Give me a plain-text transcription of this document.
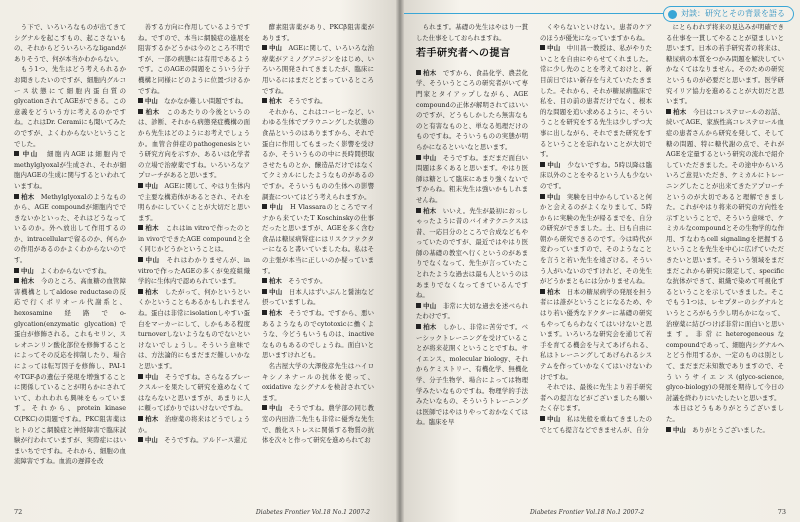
　う下で、いろいろなものが出てきてシグナルを起こすもの、起こさないもの、それからどういろいろなligandがありそうで、何が本当かわからない。

　もう1つ、先生はどう考えられるかお聞きしたいのですが、細胞内グルコース状態にて細胞内蛋白質のglycationされてAGEができる。この意義をどういう方に考えるのかですね。これはDr. Ceramiにも聞いてみたのですが、よくわからないということでした。

中山　 細胞内AGEは細胞内でmethylglyoxalが生成され、それが細胞内AGEの生成に関与するといわれていますね。

柏木　 Methylglyoxalのようなものから、AGE compoundが細胞内でできないかといった、それはどうなっているのか。外へ放出して作用するのか、intracellularで留るのか、何らかの作用があるのかよくわからないのです。

中山　 よくわからないですね。

柏木　 今のところ、高血糖の血管障害機構としてaldose reductaseの反応で行くポリオール代謝系と、hexosamine経路でo-glycation(enzymatic glycation)で蛋白が修飾される。これもセリン、スレオニンリン酸化部位を修飾することによってその反応を抑制したり、場合によっては転写因子を修飾し、PAI-1やTGF-βの遺伝子発現を増強することに関係していることが明らかにされていて、われわれも興味をもっています。それから、protein kinase C(PKC)の問題ですね。PKC阻害薬はヒトのどこ網膜症と神経障害で臨床試験が行われていますが、実際症にはいまいちでですね。それから、細胞の血流障害ですね。血流の遅滞を改

　善する方向に作用しているようですね。ですので、本当に網膜症の進展を阻害するかどうかは今のところ不明ですが、一部の病態には有用であるようです。このAGEの問題をこういう分子機構と同様にどのように位置づけるかですね。

中山　 なかなか難しい問題ですね。

柏木　 このあたりの今後というのは、診断、それから病態発症機構の面から先生はどのようにお考えでしょうか。血管合併症のpathogenesisという研究方向を示すか、あるいは化学者の立場で治療薬ですね。いろいろなアプローチがあると思います。

中山　 AGEに関して、やはり生体内で主要な構造体があるとされ、それを明らかにしていくことが大切だと思います。

柏木　 これはin vitroで作ったのとin vivoでできたAGE compoundと全く同じかどうかということは。

中山　 それはわかりませんが、in vitroで作ったAGEの多くが免疫組織学的に生体内で認められています。

柏木　 したがって、何かというといくかということもあるかもしれませんね。蛋白は非常にisolationしやすい蛋白をマーカーにして、しかもある程度turnoverしないようなものでないといけないでしょうし。そういう意味では、方法論的にもまだまだ難しいかなと思います。

中山　 そうですね。さらなるブレークスルーを果たして研究を進めなくてはならないと思いますが、あまりに人に頼ってばかりではいけないですね。

柏木　 治療薬の将来はどうでしょうか。

中山　 そうですね。アルドース還元

　酵素阻害薬があり、PKCβ阻害薬があります。

中山　 AGEに関して、いろいろな治療薬がアミノグアニジンをはじめ、いろいろ開発されてきましたが、臨床に用いるにはまだとどまっているところですね。

柏木　 そうですね。

　それから、これはコーヒーなど、いわゆる生体でブラウニングした状態の食品というのはありますから、それで蛋白に作用してもまったく影響を受けるか、そういうものの中に長時間摂取させたものとか、醸造品だけではなくてクミカルにしたようなものがあるのですか。そういうものの生体への影響調査についてはどう考えられますか。

中山　 H Vlassaraのところでマイナから来ていたT Koschinskyの仕事だったと思いますが、AGEを多く含む食品は糖尿病腎症にはリスクファクターになると書いていましたね。私はその主張が本当に正しいのか疑っています。

柏木　 そうですか。

中山　 日本人はずいぶんと醤油など摂っていますしね。

柏木　 そうですね。ですから、悪いあるようなものでcytotoxicに働くような、今どうもいうものは、inactiveなものもあるのでしょうね。面白いと思いますけれども。

　名古屋大学の大澤俊彦先生はハイロキシノネナールの抗体を使って、oxidative なシグナルを検討されています。

中山　 そうですね。農学部の同じ教室の内田浩二先生も非常に優秀な先生で、酸化ストレスに関係する物質の抗体を次々と作って研究を進められてお

72	Diabetes Frontier Vol.18 No.1 2007-2
対談：研究とその背景を語る

　られます。基礎の先生はやはり一貫した仕事をしておられますね。

若手研究者への提言

柏木　 ですから、食品化学、農芸化学、そういうところの研究者がいて専門家とタイアップしながら、AGE compoundの正体が解明されてはいいのですが、どうもしかしたら無害なものと有害なものと、単なる処理だけのものですね。そういうものの実態が明らかになるといいなと思います。

中山　 そうですね。まだまだ面白い問題は多くあると思います。やはり医師は糖として臨床にあまり強くないですからね。粗末先生は強いかもしれませんね。

柏木　 いいえ。先生が最初におっしゃったように昔のバイオテクニクスは昔、一応目分のところで合成などもやっていたのですが、最近ではやはり医師の基礎の教室へ行くというのがあまりでなくなって、先生が言っていたことれたような過去は最も人というのはあまりでなくなってきているんですね。

中山　 非常に大切な過去を述べられたわけです。

柏木　 しかし、非常に苦労です。ベーシックトレーニングを受けていることが将来花開くということですね。サイエンス、molecular biology、それからケミストリー、有機化学、無機化学、分子生物学、場合によっては物理学みたいなものですね。物理学的手法みたいなもの、そういうトレーニングは医師ではやはりやっておかなくてはね。臨床を早

　くやらないといけない。患者のケアのほうが優先になっていますからね。

中山　 中川昌一教授は、私がやりたいことを自由にやらせてくれました。常に少し先のことを考えておけと、新目前日ではい新存を与えていたたきました。それから、それが糖尿病臨床で私を、目の前の患者だけでなく、根本的な問題を追い求めるように、そういうことを研究をする先生は少しずつ大事に出しながら、それでまた研究をするということを忘れないことが大切です。

中山　 少ないですね。5時以降は臨床以外のことをやるという人も少ないのです。

中山　 実験を日中からしていると何かと会えるのがよくなりまして、5時からに実験の先生が帰るまでを、自分の研究ができました。土、日も自由に朝から研究できるのです。今は時代が変わっていますので、そのようなことを言うと若い先生を遠ざける。そういう人がいないのですけれど、その先生がどうかまともには分かりませんね。

柏木　 日本の糖尿病学の発展を担う者には誰がということになるため、やはり若い優秀なドクターに基礎の研究もやってもらわなくてはいけないと思います。いろいろな研究会を通じて若手を育てる機会を与えてあげられる、私はトレーニングしてあげられるシステムを作っていかなくてはいけないわけですね。

　それでは、最後に先生より若手研究者への提言などがございましたら願いたく存じます。

中山　 私は先般を重ねてきましたのでとても提言などできませんが、自分

　にとらわれず将来の見込みが明確できる仕事を一貫してやることが望ましいと思います。日本の若手研究者の将来は、糖尿病の本質をつかみ問題を解決していかなくてはなりません。そのための研究というものが必要だと思います。医学研究イリア協力を進めることが大切だと思います。

柏木　 今日はコレステロールのお話、続いてAGE、家族性高コレステロール血症の患者さんから研究を発して、そして糖の問題、特に糖代謝の点で、それがAGEを定量するという研究の流れで紹介していただきました。その途中からいろいろご意見いただき、ケミカルにトレーニングしたことが出来てきたアプローチというのが大切であると理解できました。これがやはり将来の研究の方向性を示すということで、そういう意味で、ケミカルなcompoundとその生物学的な作用、すなわちcell signalingを把握するということを先生を中心に広げていただきたいと思います。そういう領域をまだまだこれから研究に限定して、specific な抗体ができて、組織で染めて可視化するということを示していきました。そこでもう1つは、レセプターのシグナルというところがもう少し明らかになって、治療薬に結びつけば非常に面白いと思います。非常にheterogeneousなcompoundであって、細胞内シグナルへとどう作用するか、一定のものは別として、まだまだ未知数でありますので、そういうサイエンス(glyco-science, glyco-biology)の発展を期待して今日の討議を終わりにいたしたいと思います。

　本日はどうもありがとうございました。

中山　 ありがとうございました。

Diabetes Frontier Vol.18 No.1 2007-2	73
